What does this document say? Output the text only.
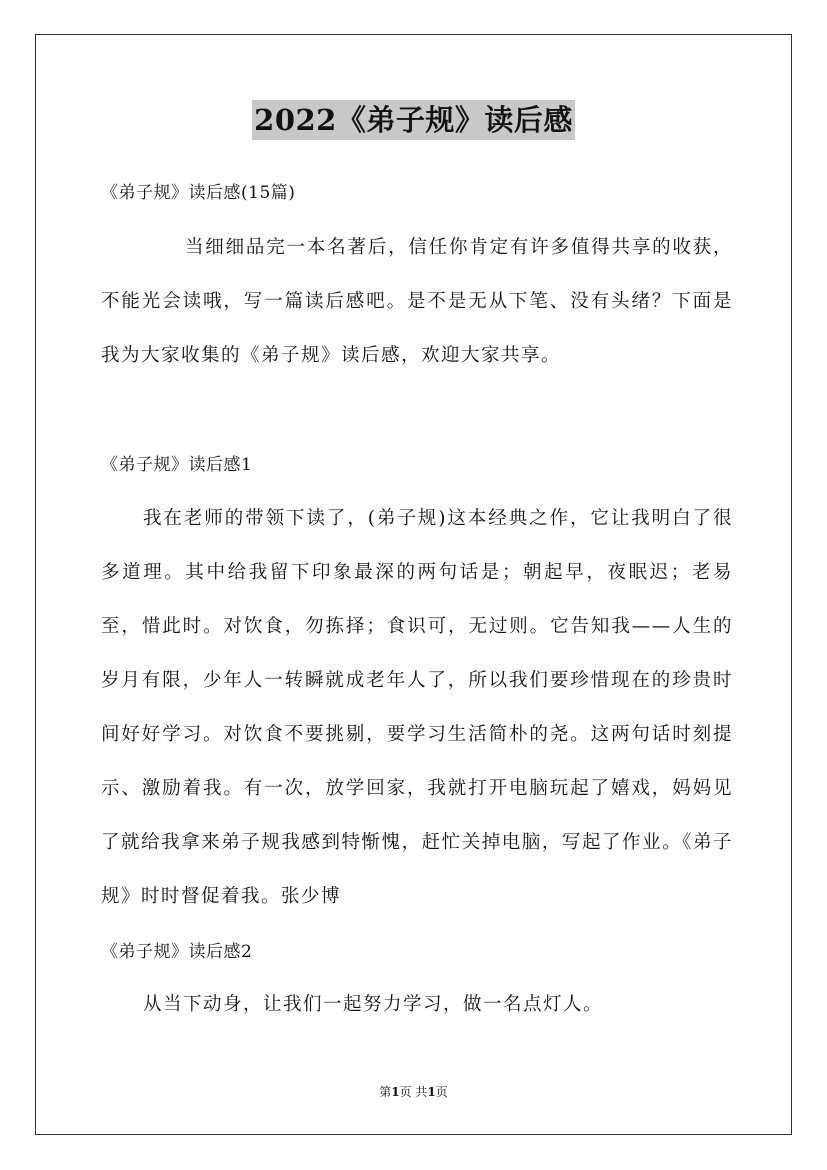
2022《弟子规》读后感
《弟子规》读后感(15篇)
当细细品完一本名著后，信任你肯定有许多值得共享的收获，不能光会读哦，写一篇读后感吧。是不是无从下笔、没有头绪？下面是我为大家收集的《弟子规》读后感，欢迎大家共享。
《弟子规》读后感1
我在老师的带领下读了，(弟子规)这本经典之作，它让我明白了很多道理。其中给我留下印象最深的两句话是；朝起早，夜眠迟；老易至，惜此时。对饮食，勿拣择；食识可，无过则。它告知我——人生的岁月有限，少年人一转瞬就成老年人了，所以我们要珍惜现在的珍贵时间好好学习。对饮食不要挑剔，要学习生活简朴的尧。这两句话时刻提示、激励着我。有一次，放学回家，我就打开电脑玩起了嬉戏，妈妈见了就给我拿来弟子规我感到特惭愧，赶忙关掉电脑，写起了作业。《弟子规》时时督促着我。张少博
《弟子规》读后感2
从当下动身，让我们一起努力学习，做一名点灯人。
第1页 共1页
